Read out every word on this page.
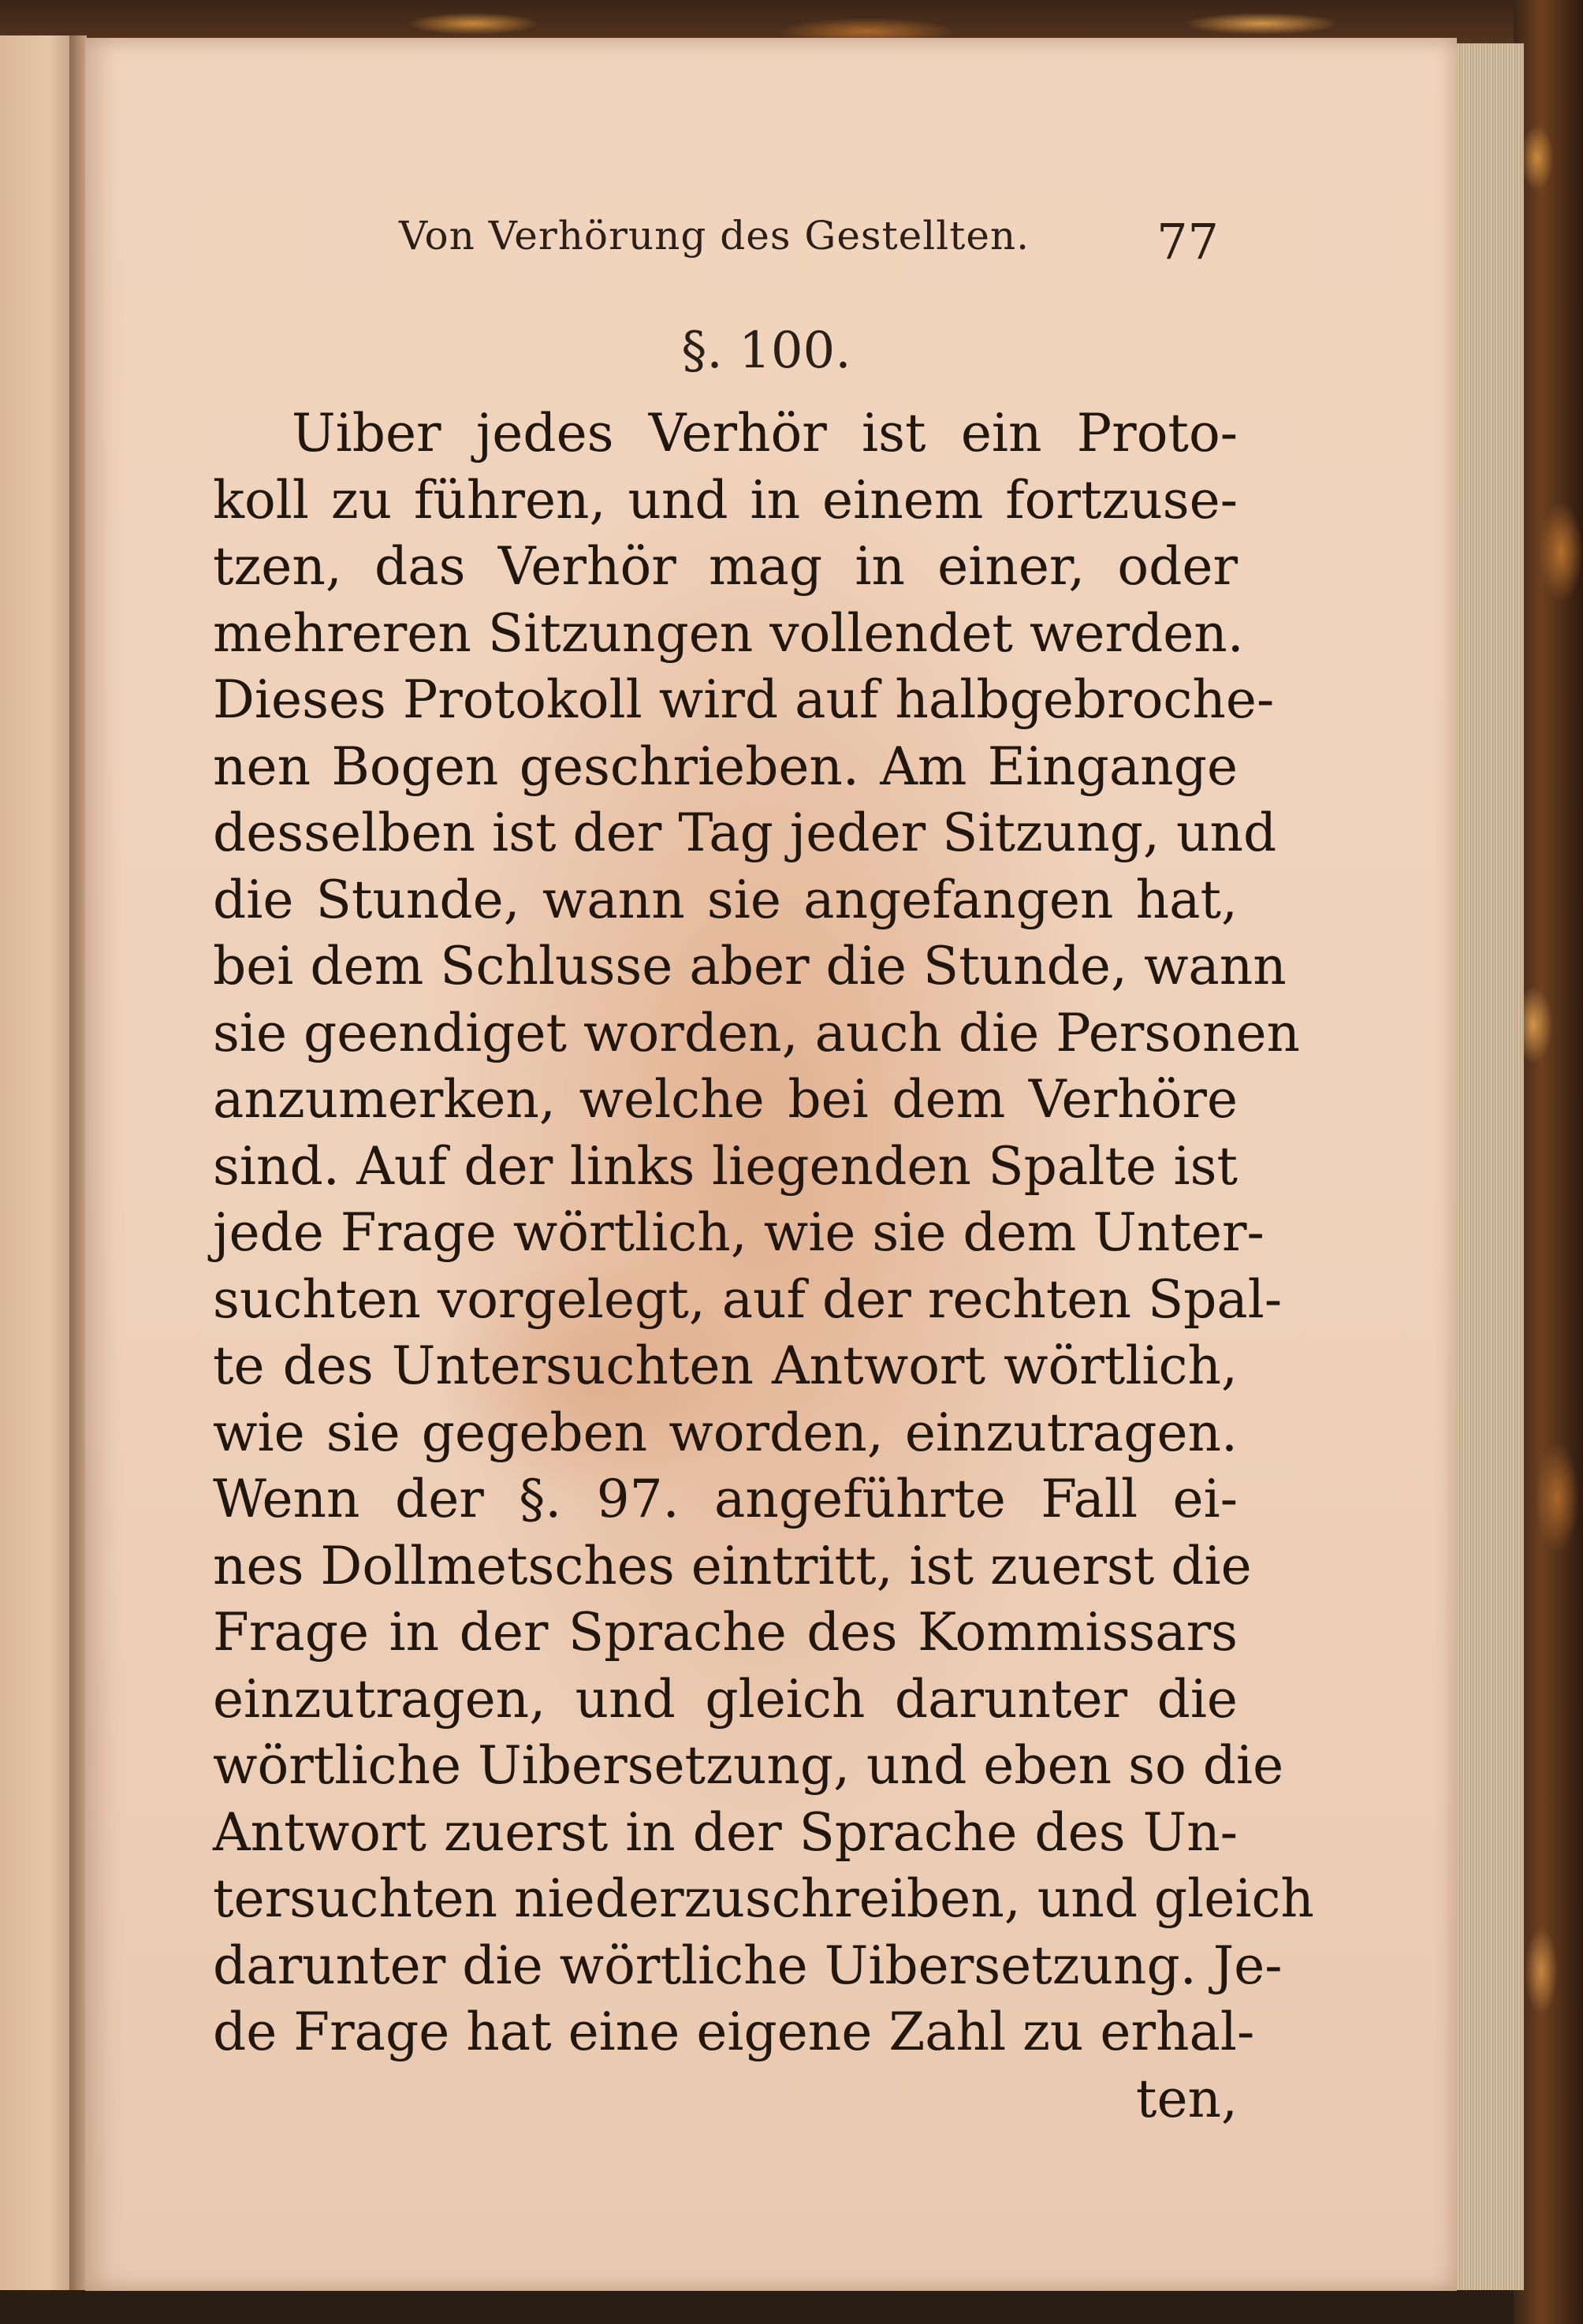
Von Verhörung des Gestellten.	77
§. 100.
Uiber jedes Verhör ist ein Proto-
koll zu führen, und in einem fortzuse-
tzen, das Verhör mag in einer, oder
mehreren Sitzungen vollendet werden.
Dieses Protokoll wird auf halbgebroche-
nen Bogen geschrieben. Am Eingange
desselben ist der Tag jeder Sitzung, und
die Stunde, wann sie angefangen hat,
bei dem Schlusse aber die Stunde, wann
sie geendiget worden, auch die Personen
anzumerken, welche bei dem Verhöre
sind. Auf der links liegenden Spalte ist
jede Frage wörtlich, wie sie dem Unter-
suchten vorgelegt, auf der rechten Spal-
te des Untersuchten Antwort wörtlich,
wie sie gegeben worden, einzutragen.
Wenn der §. 97. angeführte Fall ei-
nes Dollmetsches eintritt, ist zuerst die
Frage in der Sprache des Kommissars
einzutragen, und gleich darunter die
wörtliche Uibersetzung, und eben so die
Antwort zuerst in der Sprache des Un-
tersuchten niederzuschreiben, und gleich
darunter die wörtliche Uibersetzung. Je-
de Frage hat eine eigene Zahl zu erhal-
ten,
